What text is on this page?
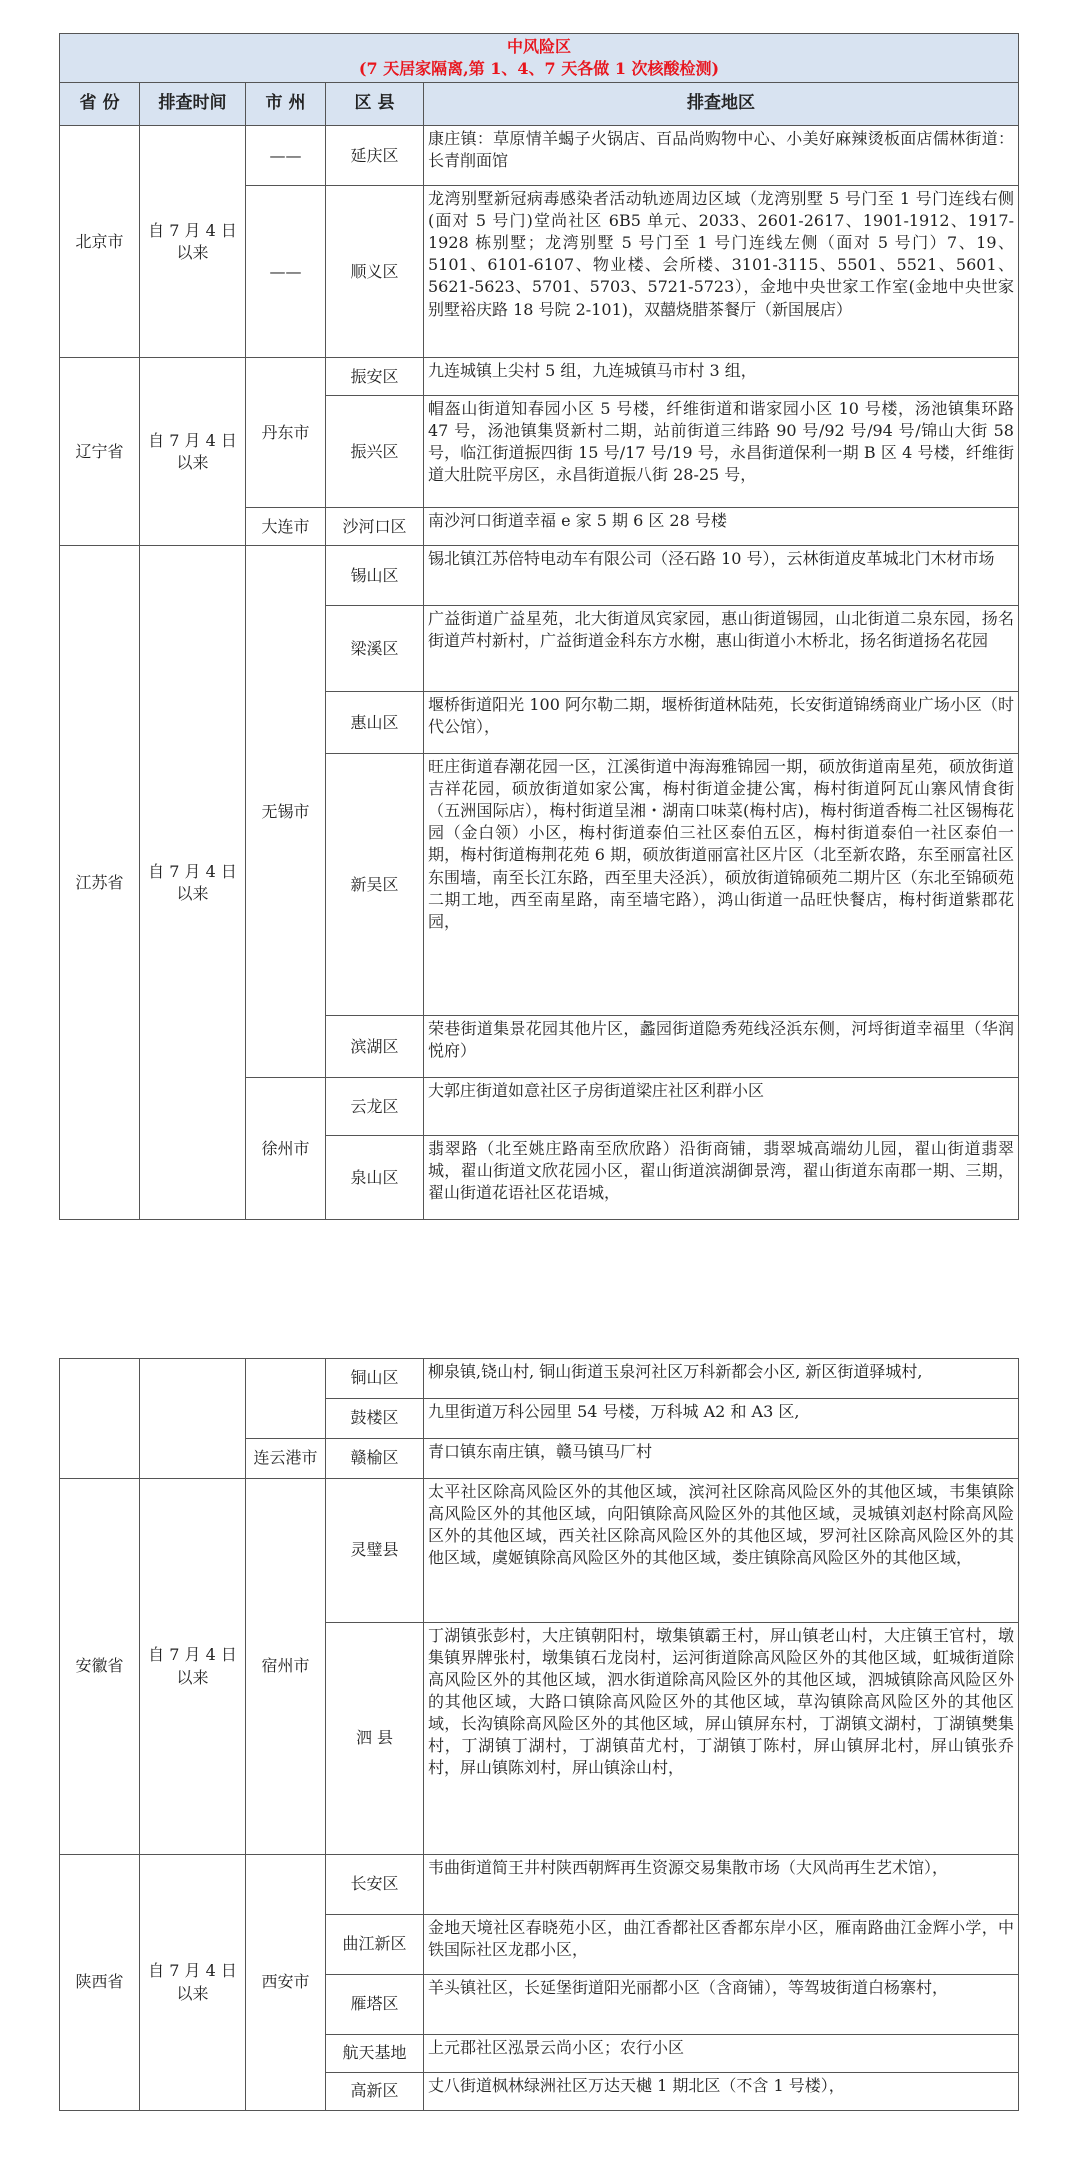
中风险区
(7 天居家隔离,第 1、4、7 天各做 1 次核酸检测)				

省 份	排查时间	市 州	区 县	排查地区
北京市	自 7 月 4 日以来	——	延庆区	康庄镇：草原情羊蝎子火锅店、百品尚购物中心、小美好麻辣烫板面店儒林街道：长青削面馆
		——	顺义区	龙湾别墅新冠病毒感染者活动轨迹周边区域（龙湾别墅 5 号门至 1 号门连线右侧(面对 5 号门)堂尚社区 6B5 单元、2033、2601-2617、1901-1912、1917-1928 栋别墅；龙湾别墅 5 号门至 1 号门连线左侧（面对 5 号门）7、19、5101、6101-6107、物业楼、会所楼、3101-3115、5501、5521、5601、5621-5623、5701、5703、5721-5723），金地中央世家工作室(金地中央世家别墅裕庆路 18 号院 2-101)，双囍烧腊茶餐厅（新国展店）
辽宁省	自 7 月 4 日以来	丹东市	振安区	九连城镇上尖村 5 组，九连城镇马市村 3 组，
			振兴区	帽盔山街道知春园小区 5 号楼，纤维街道和谐家园小区 10 号楼，汤池镇集环路 47 号，汤池镇集贤新村二期，站前街道三纬路 90 号/92 号/94 号/锦山大街 58 号，临江街道振四街 15 号/17 号/19 号，永昌街道保利一期 B 区 4 号楼，纤维街道大肚院平房区，永昌街道振八街 28-25 号，
		大连市	沙河口区	南沙河口街道幸福 e 家 5 期 6 区 28 号楼
江苏省	自 7 月 4 日以来	无锡市	锡山区	锡北镇江苏倍特电动车有限公司（泾石路 10 号），云林街道皮革城北门木材市场
			梁溪区	广益街道广益星苑，北大街道凤宾家园，惠山街道锡园，山北街道二泉东园，扬名街道芦村新村，广益街道金科东方水榭，惠山街道小木桥北，扬名街道扬名花园
			惠山区	堰桥街道阳光 100 阿尔勒二期，堰桥街道林陆苑，长安街道锦绣商业广场小区（时代公馆），
			新吴区	旺庄街道春潮花园一区，江溪街道中海海雅锦园一期，硕放街道南星苑，硕放街道吉祥花园，硕放街道如家公寓，梅村街道金捷公寓，梅村街道阿瓦山寨风情食街（五洲国际店），梅村街道呈湘・湖南口味菜(梅村店)，梅村街道香梅二社区锡梅花园（金白领）小区，梅村街道泰伯三社区泰伯五区，梅村街道泰伯一社区泰伯一期，梅村街道梅荆花苑 6 期，硕放街道丽富社区片区（北至新农路，东至丽富社区东围墙，南至长江东路，西至里夫泾浜），硕放街道锦硕苑二期片区（东北至锦硕苑二期工地，西至南星路，南至墙宅路），鸿山街道一品旺快餐店，梅村街道紫郡花园，
			滨湖区	荣巷街道集景花园其他片区，蠡园街道隐秀苑线泾浜东侧，河埒街道幸福里（华润悦府）
		徐州市	云龙区	大郭庄街道如意社区子房街道梁庄社区利群小区
			泉山区	翡翠路（北至姚庄路南至欣欣路）沿街商铺，翡翠城高端幼儿园，翟山街道翡翠城，翟山街道文欣花园小区，翟山街道滨湖御景湾，翟山街道东南郡一期、三期，翟山街道花语社区花语城，
			铜山区	柳泉镇,铙山村, 铜山街道玉泉河社区万科新都会小区, 新区街道驿城村,
			鼓楼区	九里街道万科公园里 54 号楼，万科城 A2 和 A3 区,
		连云港市	赣榆区	青口镇东南庄镇，赣马镇马厂村
安徽省	自 7 月 4 日以来	宿州市	灵璧县	太平社区除高风险区外的其他区域，滨河社区除高风险区外的其他区域，韦集镇除高风险区外的其他区域，向阳镇除高风险区外的其他区域，灵城镇刘赵村除高风险区外的其他区域，西关社区除高风险区外的其他区域，罗河社区除高风险区外的其他区域，虞姬镇除高风险区外的其他区域，娄庄镇除高风险区外的其他区域，
			泗 县	丁湖镇张彭村，大庄镇朝阳村，墩集镇霸王村，屏山镇老山村，大庄镇王官村，墩集镇界牌张村，墩集镇石龙岗村，运河街道除高风险区外的其他区域，虹城街道除高风险区外的其他区域，泗水街道除高风险区外的其他区域，泗城镇除高风险区外的其他区域，大路口镇除高风险区外的其他区域，草沟镇除高风险区外的其他区域，长沟镇除高风险区外的其他区域，屏山镇屏东村，丁湖镇文湖村，丁湖镇樊集村，丁湖镇丁湖村，丁湖镇苗尤村，丁湖镇丁陈村，屏山镇屏北村，屏山镇张乔村，屏山镇陈刘村，屏山镇涂山村，
陕西省	自 7 月 4 日以来	西安市	长安区	韦曲街道简王井村陕西朝辉再生资源交易集散市场（大风尚再生艺术馆），
			曲江新区	金地天境社区春晓苑小区，曲江香都社区香都东岸小区，雁南路曲江金辉小学，中铁国际社区龙郡小区，
			雁塔区	羊头镇社区，长延堡街道阳光丽都小区（含商铺），等驾坡街道白杨寨村，
			航天基地	上元郡社区泓景云尚小区；农行小区
			高新区	丈八街道枫林绿洲社区万达天樾 1 期北区（不含 1 号楼），
